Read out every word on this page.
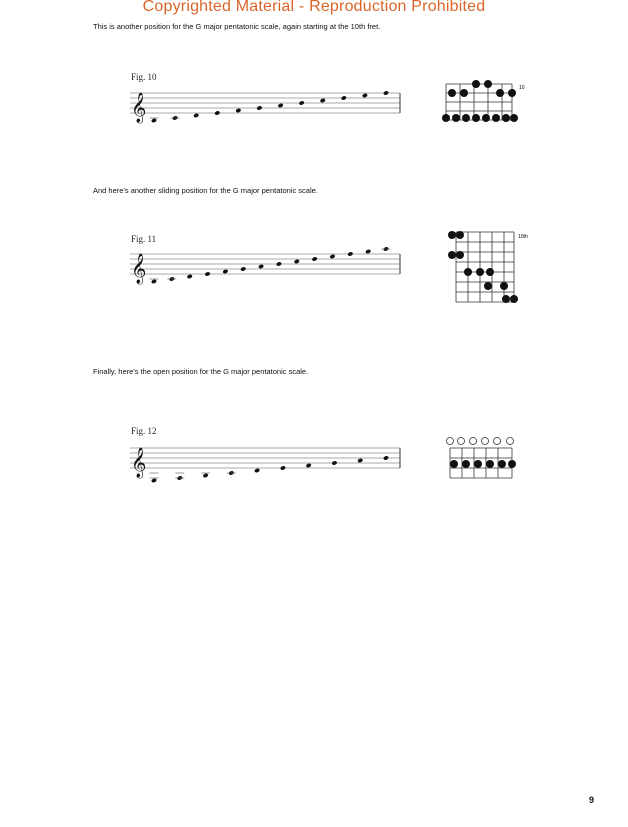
Copyrighted Material - Reproduction Prohibited
This is another position for the G major pentatonic scale, again starting at the 10th fret.
Fig. 10
𝄞
10
And here's another sliding position for the G major pentatonic scale.
Fig. 11
𝄞
10th
Finally, here's the open position for the G major pentatonic scale.
Fig. 12
𝄞
9
